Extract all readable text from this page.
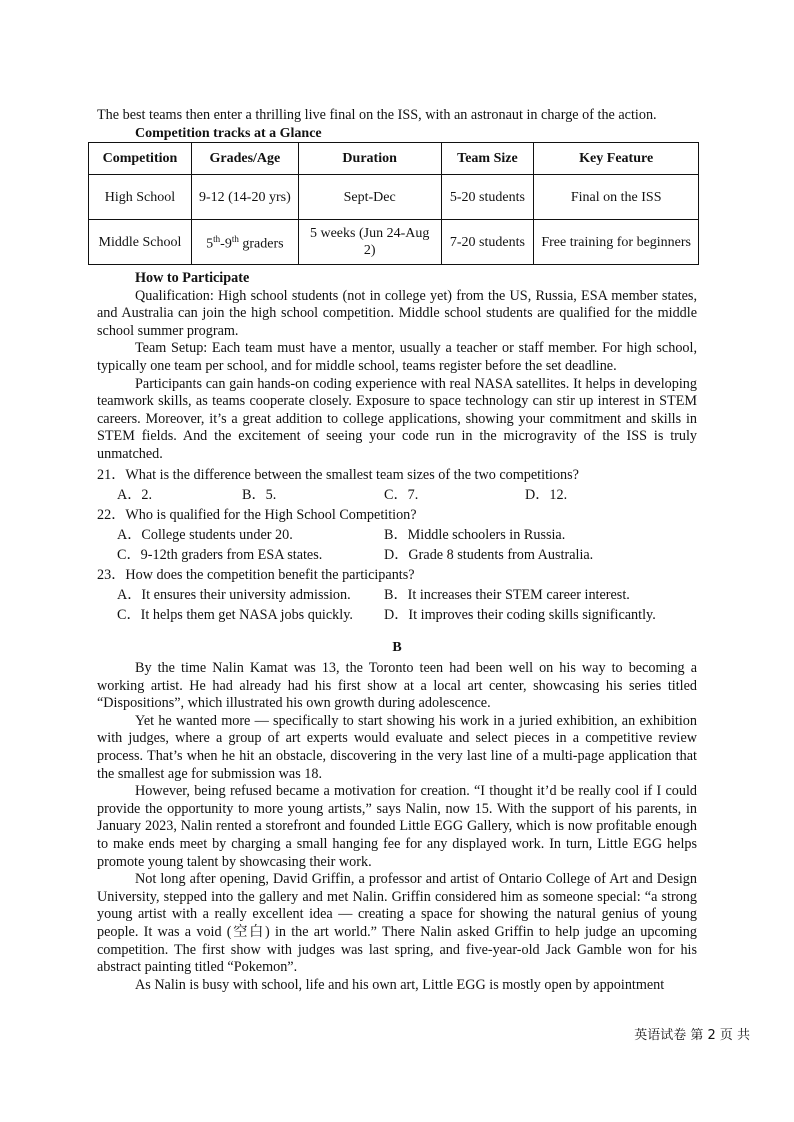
The best teams then enter a thrilling live final on the ISS, with an astronaut in charge of the action.
Competition tracks at a Glance
Competition	Grades/Age	Duration	Team Size	Key Feature
High School	9-12 (14-20 yrs)	Sept-Dec	5-20 students	Final on the ISS
Middle School	5th-9th graders	5 weeks (Jun 24-Aug 2)	7-20 students	Free training for beginners

How to Participate

Qualification: High school students (not in college yet) from the US, Russia, ESA member states, and Australia can join the high school competition. Middle school students are qualified for the middle school summer program.

Team Setup: Each team must have a mentor, usually a teacher or staff member. For high school, typically one team per school, and for middle school, teams register before the set deadline.

Participants can gain hands-on coding experience with real NASA satellites. It helps in developing teamwork skills, as teams cooperate closely. Exposure to space technology can stir up interest in STEM careers. Moreover, it’s a great addition to college applications, showing your commitment and skills in STEM fields. And the excitement of seeing your code run in the microgravity of the ISS is truly unmatched.

21．What is the difference between the smallest team sizes of the two competitions?

A．2.	B．5.	C．7.	D．12.

22．Who is qualified for the High School Competition?

A．College students under 20.	B．Middle schoolers in Russia.
C．9-12th graders from ESA states.	D．Grade 8 students from Australia.

23．How does the competition benefit the participants?

A．It ensures their university admission. B．It increases their STEM career interest.
C．It helps them get NASA jobs quickly. D．It improves their coding skills significantly.
B

By the time Nalin Kamat was 13, the Toronto teen had been well on his way to becoming a working artist. He had already had his first show at a local art center, showcasing his series titled “Dispositions”, which illustrated his own growth during adolescence.

Yet he wanted more — specifically to start showing his work in a juried exhibition, an exhibition with judges, where a group of art experts would evaluate and select pieces in a competitive review process. That’s when he hit an obstacle, discovering in the very last line of a multi-page application that the smallest age for submission was 18.

However, being refused became a motivation for creation. “I thought it’d be really cool if I could provide the opportunity to more young artists,” says Nalin, now 15. With the support of his parents, in January 2023, Nalin rented a storefront and founded Little EGG Gallery, which is now profitable enough to make ends meet by charging a small hanging fee for any displayed work. In turn, Little EGG helps promote young talent by showcasing their work.

Not long after opening, David Griffin, a professor and artist of Ontario College of Art and Design University, stepped into the gallery and met Nalin. Griffin considered him as someone special: “a strong young artist with a really excellent idea — creating a space for showing the natural genius of young people. It was a void (空白) in the art world.” There Nalin asked Griffin to help judge an upcoming competition. The first show with judges was last spring, and five-year-old Jack Gamble won for his abstract painting titled “Pokemon”.

As Nalin is busy with school, life and his own art, Little EGG is mostly open by appointment

英语试卷 第 2 页 共
